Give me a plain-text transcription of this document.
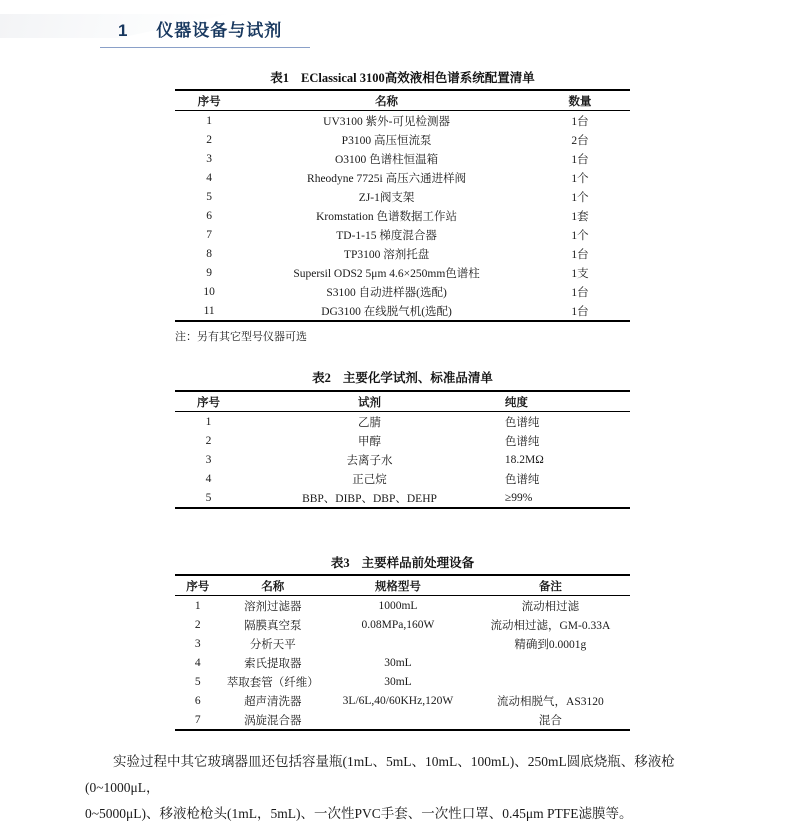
1 仪器设备与试剂
表1 EClassical 3100高效液相色谱系统配置清单
序号	名称	数量
1	UV3100 紫外-可见检测器	1台
2	P3100 高压恒流泵	2台
3	O3100 色谱柱恒温箱	1台
4	Rheodyne 7725i 高压六通进样阀	1个
5	ZJ-1阀支架	1个
6	Kromstation 色谱数据工作站	1套
7	TD-1-15 梯度混合器	1个
8	TP3100 溶剂托盘	1台
9	Supersil ODS2 5μm 4.6×250mm色谱柱	1支
10	S3100 自动进样器(选配)	1台
11	DG3100 在线脱气机(选配)	1台
注：另有其它型号仪器可选
表2 主要化学试剂、标准品清单
序号	试剂	纯度
1	乙腈	色谱纯
2	甲醇	色谱纯
3	去离子水	18.2MΩ
4	正己烷	色谱纯
5	BBP、DIBP、DBP、DEHP	≥99%
表3 主要样品前处理设备
序号	名称	规格型号	备注
1	溶剂过滤器	1000mL	流动相过滤
2	隔膜真空泵	0.08MPa,160W	流动相过滤，GM-0.33A
3	分析天平		精确到0.0001g
4	索氏提取器	30mL	
5	萃取套管（纤维）	30mL	
6	超声清洗器	3L/6L,40/60KHz,120W	流动相脱气，AS3120
7	涡旋混合器		混合
实验过程中其它玻璃器皿还包括容量瓶(1mL、5mL、10mL、100mL)、250mL圆底烧瓶、移液枪(0~1000μL，
0~5000μL)、移液枪枪头(1mL，5mL)、一次性PVC手套、一次性口罩、0.45μm PTFE滤膜等。
